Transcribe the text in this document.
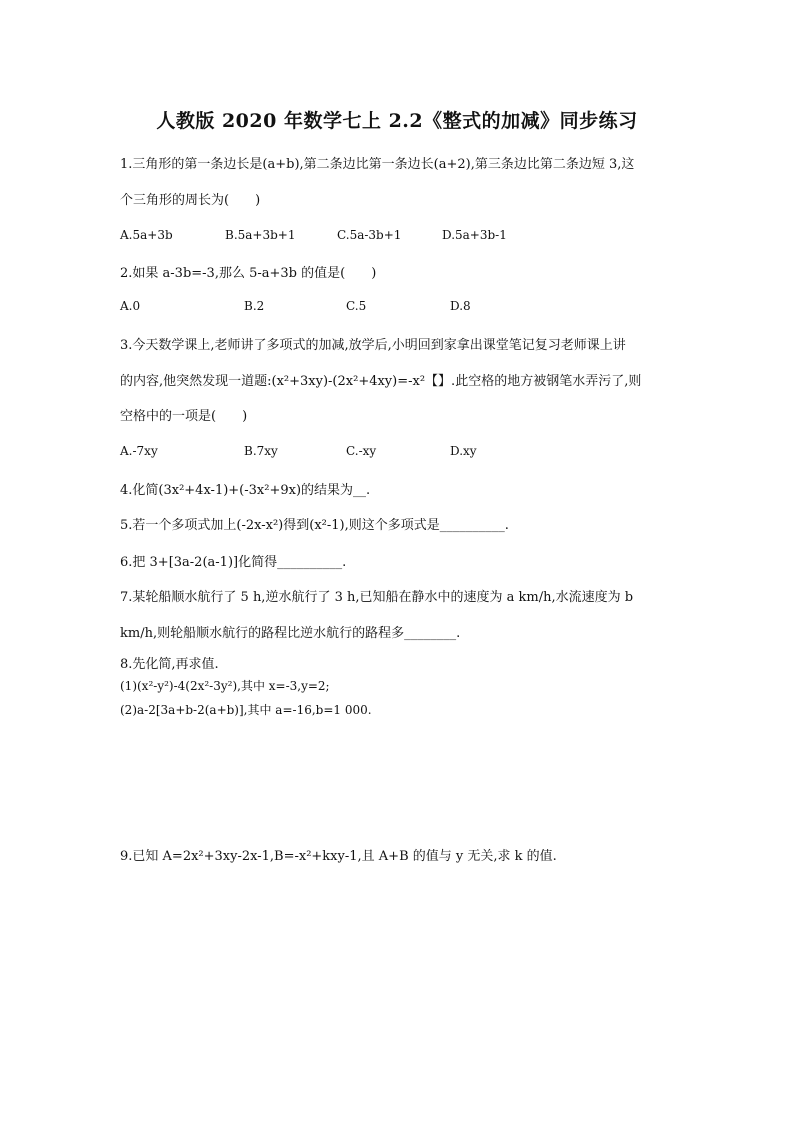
人教版 2020 年数学七上 2.2《整式的加减》同步练习
1.三角形的第一条边长是(a+b),第二条边比第一条边长(a+2),第三条边比第二条边短 3,这
个三角形的周长为(　　)
A.5a+3b	B.5a+3b+1	C.5a-3b+1	D.5a+3b-1
2.如果 a-3b=-3,那么 5-a+3b 的值是(　　)
A.0	B.2	C.5	D.8
3.今天数学课上,老师讲了多项式的加减,放学后,小明回到家拿出课堂笔记复习老师课上讲
的内容,他突然发现一道题:(x²+3xy)-(2x²+4xy)=-x²【】.此空格的地方被钢笔水弄污了,则
空格中的一项是(　　)
A.-7xy	B.7xy	C.-xy	D.xy
4.化简(3x²+4x-1)+(-3x²+9x)的结果为__.
5.若一个多项式加上(-2x-x²)得到(x²-1),则这个多项式是__________.
6.把 3+[3a-2(a-1)]化简得__________.
7.某轮船顺水航行了 5 h,逆水航行了 3 h,已知船在静水中的速度为 a km/h,水流速度为 b
km/h,则轮船顺水航行的路程比逆水航行的路程多________.
8.先化简,再求值.
(1)(x²-y²)-4(2x²-3y²),其中 x=-3,y=2;
(2)a-2[3a+b-2(a+b)],其中 a=-16,b=1 000.
9.已知 A=2x²+3xy-2x-1,B=-x²+kxy-1,且 A+B 的值与 y 无关,求 k 的值.
